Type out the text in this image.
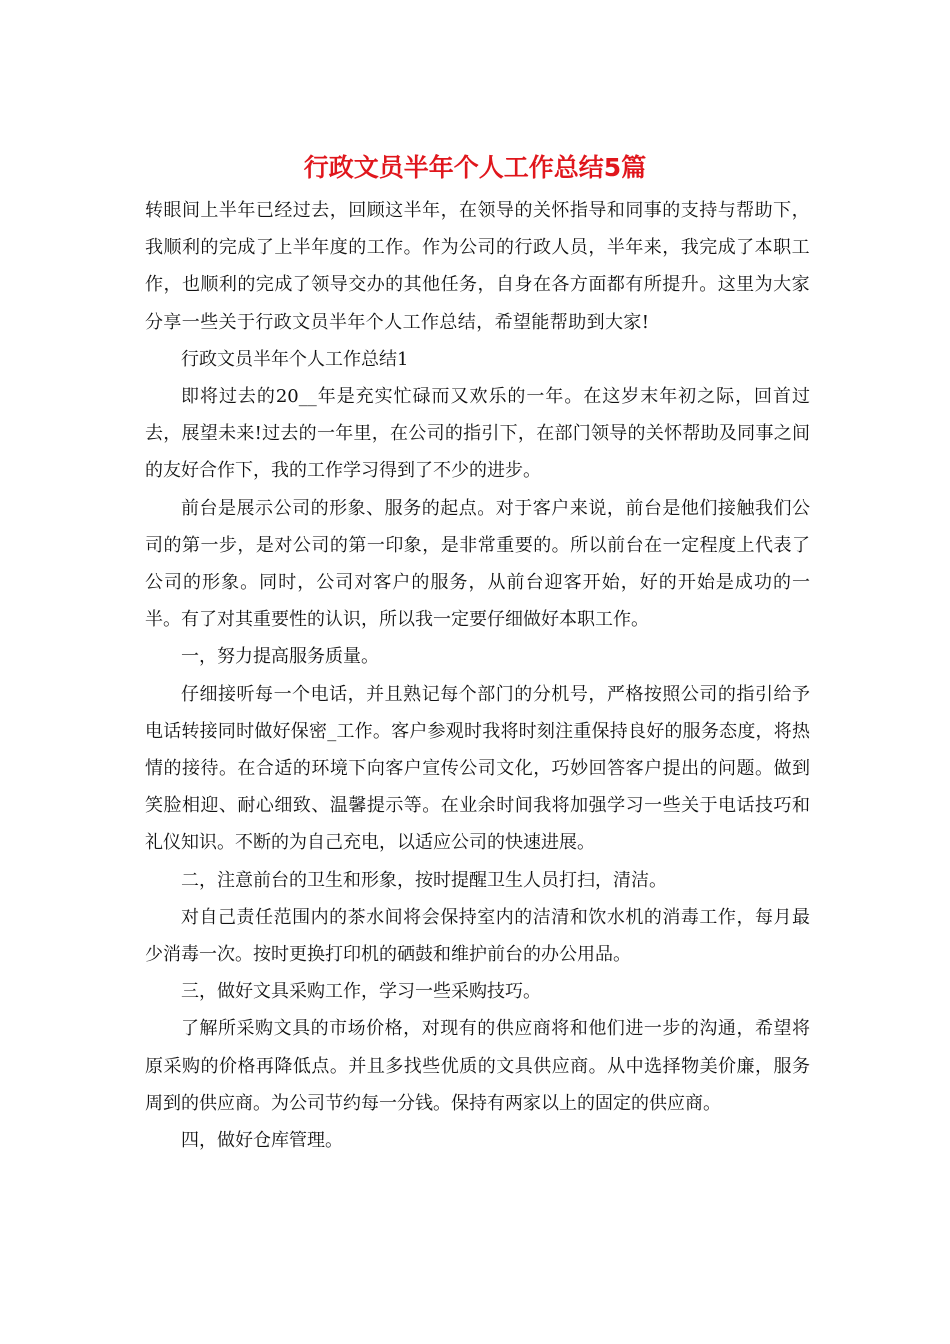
行政文员半年个人工作总结5篇

转眼间上半年已经过去，回顾这半年，在领导的关怀指导和同事的支持与帮助下，我顺利的完成了上半年度的工作。作为公司的行政人员，半年来，我完成了本职工作，也顺利的完成了领导交办的其他任务，自身在各方面都有所提升。这里为大家分享一些关于行政文员半年个人工作总结，希望能帮助到大家!

行政文员半年个人工作总结1

即将过去的20__年是充实忙碌而又欢乐的一年。在这岁末年初之际，回首过去，展望未来!过去的一年里，在公司的指引下，在部门领导的关怀帮助及同事之间的友好合作下，我的工作学习得到了不少的进步。

前台是展示公司的形象、服务的起点。对于客户来说，前台是他们接触我们公司的第一步，是对公司的第一印象，是非常重要的。所以前台在一定程度上代表了公司的形象。同时，公司对客户的服务，从前台迎客开始，好的开始是成功的一半。有了对其重要性的认识，所以我一定要仔细做好本职工作。

一，努力提高服务质量。

仔细接听每一个电话，并且熟记每个部门的分机号，严格按照公司的指引给予电话转接同时做好保密_工作。客户参观时我将时刻注重保持良好的服务态度，将热情的接待。在合适的环境下向客户宣传公司文化，巧妙回答客户提出的问题。做到笑脸相迎、耐心细致、温馨提示等。在业余时间我将加强学习一些关于电话技巧和礼仪知识。不断的为自己充电，以适应公司的快速进展。

二，注意前台的卫生和形象，按时提醒卫生人员打扫，清洁。

对自己责任范围内的茶水间将会保持室内的洁清和饮水机的消毒工作，每月最少消毒一次。按时更换打印机的硒鼓和维护前台的办公用品。

三，做好文具采购工作，学习一些采购技巧。

了解所采购文具的市场价格，对现有的供应商将和他们进一步的沟通，希望将原采购的价格再降低点。并且多找些优质的文具供应商。从中选择物美价廉，服务周到的供应商。为公司节约每一分钱。保持有两家以上的固定的供应商。

四，做好仓库管理。
